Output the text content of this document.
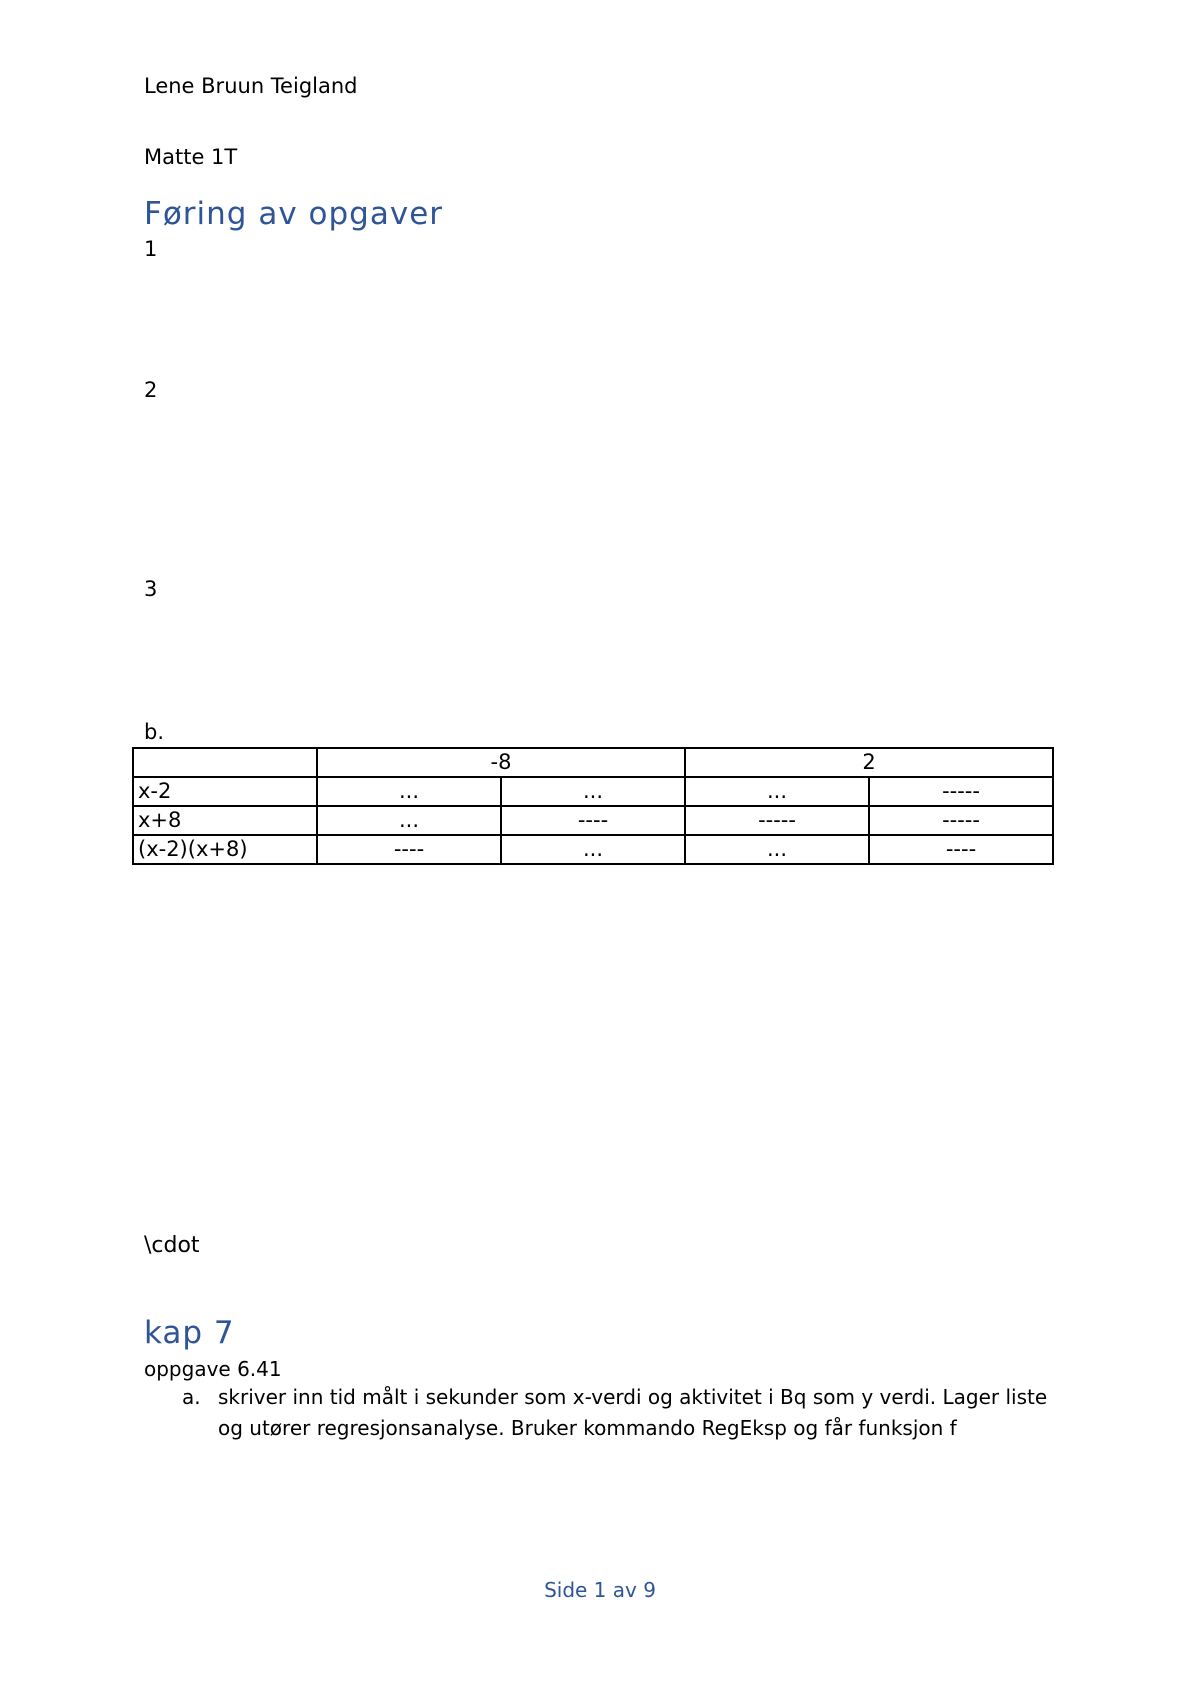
Lene Bruun Teigland
Matte 1T
Føring av opgaver
1
2
3
b.
	-8		2	
x-2	...	...	...	-----
x+8	...	----	-----	-----
(x-2)(x+8)	----	...	...	----
\cdot
kap 7
oppgave 6.41
a. skriver inn tid målt i sekunder som x-verdi og aktivitet i Bq som y verdi. Lager liste og utører regresjonsanalyse. Bruker kommando RegEksp og får funksjon f
Side 1 av 9
